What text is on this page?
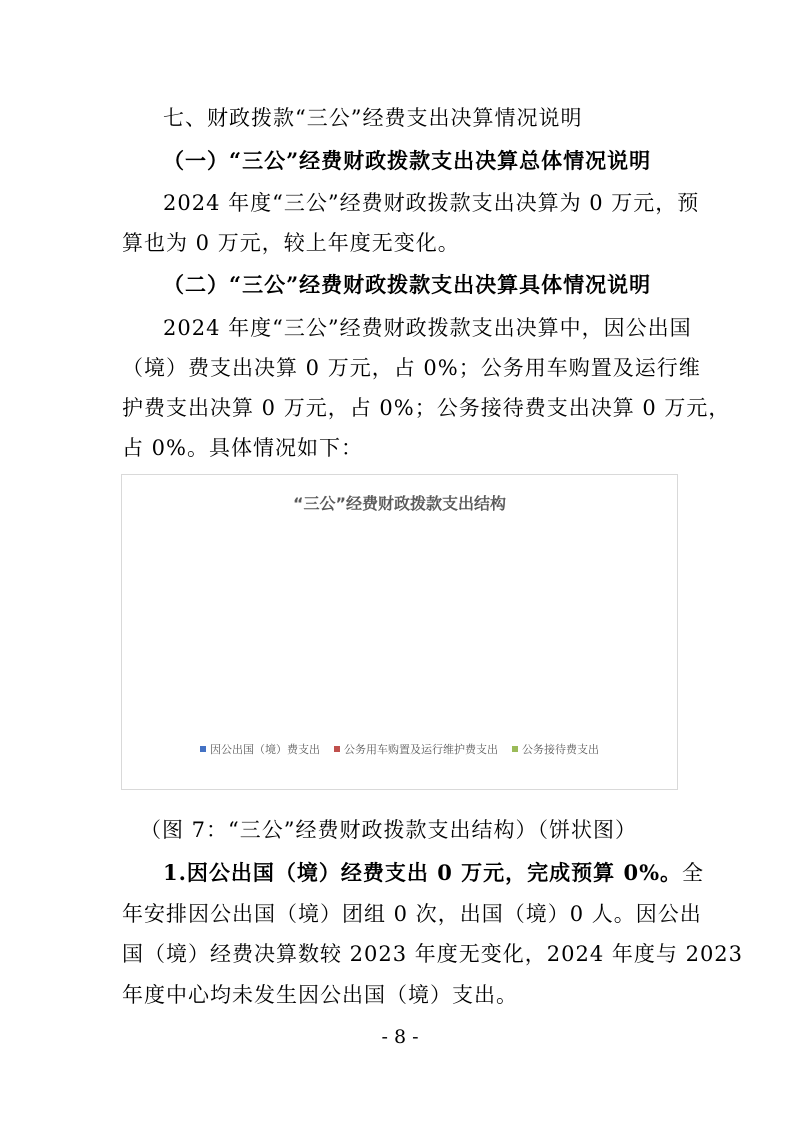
七、财政拨款“三公”经费支出决算情况说明
（一）“三公”经费财政拨款支出决算总体情况说明
2024 年度“三公”经费财政拨款支出决算为 0 万元，预
算也为 0 万元，较上年度无变化。
（二）“三公”经费财政拨款支出决算具体情况说明
2024 年度“三公”经费财政拨款支出决算中，因公出国
（境）费支出决算 0 万元，占 0%；公务用车购置及运行维
护费支出决算 0 万元，占 0%；公务接待费支出决算 0 万元，
占 0%。具体情况如下：
“三公”经费财政拨款支出结构
因公出国（境）费支出 公务用车购置及运行维护费支出 公务接待费支出
（图 7：“三公”经费财政拨款支出结构）（饼状图）
1.因公出国（境）经费支出 0 万元，完成预算 0%。全
年安排因公出国（境）团组 0 次，出国（境）0 人。因公出
国（境）经费决算数较 2023 年度无变化，2024 年度与 2023
年度中心均未发生因公出国（境）支出。
- 8 -
